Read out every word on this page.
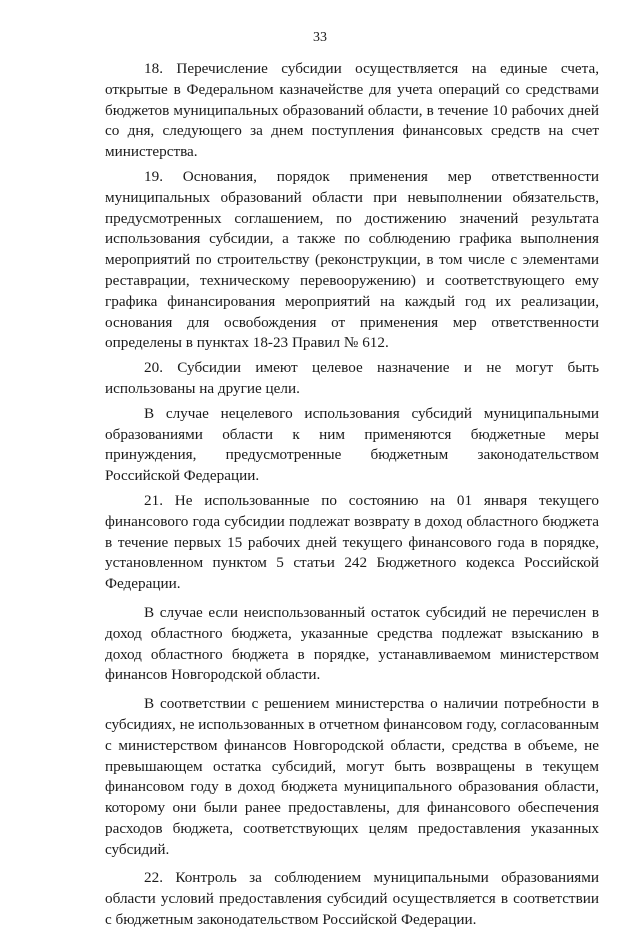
33

18. Перечисление субсидии осуществляется на единые счета, открытые в Федеральном казначействе для учета операций со средствами бюджетов муниципальных образований области, в течение 10 рабочих дней со дня, следующего за днем поступления финансовых средств на счет министерства.

19. Основания, порядок применения мер ответственности муниципальных образований области при невыполнении обязательств, предусмотренных соглашением, по достижению значений результата использования субсидии, а также по соблюдению графика выполнения мероприятий по строительству (реконструкции, в том числе с элементами реставрации, техническому перевооружению) и соответствующего ему графика финансирования мероприятий на каждый год их реализации, основания для освобождения от применения мер ответственности определены в пунктах 18-23 Правил № 612.

20. Субсидии имеют целевое назначение и не могут быть использованы на другие цели.

В случае нецелевого использования субсидий муниципальными образованиями области к ним применяются бюджетные меры принуждения, предусмотренные бюджетным законодательством Российской Федерации.

21. Не использованные по состоянию на 01 января текущего финансового года субсидии подлежат возврату в доход областного бюджета в течение первых 15 рабочих дней текущего финансового года в порядке, установленном пунктом 5 статьи 242 Бюджетного кодекса Российской Федерации.

В случае если неиспользованный остаток субсидий не перечислен в доход областного бюджета, указанные средства подлежат взысканию в доход областного бюджета в порядке, устанавливаемом министерством финансов Новгородской области.

В соответствии с решением министерства о наличии потребности в субсидиях, не использованных в отчетном финансовом году, согласованным с министерством финансов Новгородской области, средства в объеме, не превышающем остатка субсидий, могут быть возвращены в текущем финансовом году в доход бюджета муниципального образования области, которому они были ранее предоставлены, для финансового обеспечения расходов бюджета, соответствующих целям предоставления указанных субсидий.

22. Контроль за соблюдением муниципальными образованиями области условий предоставления субсидий осуществляется в соответствии с бюджетным законодательством Российской Федерации.
